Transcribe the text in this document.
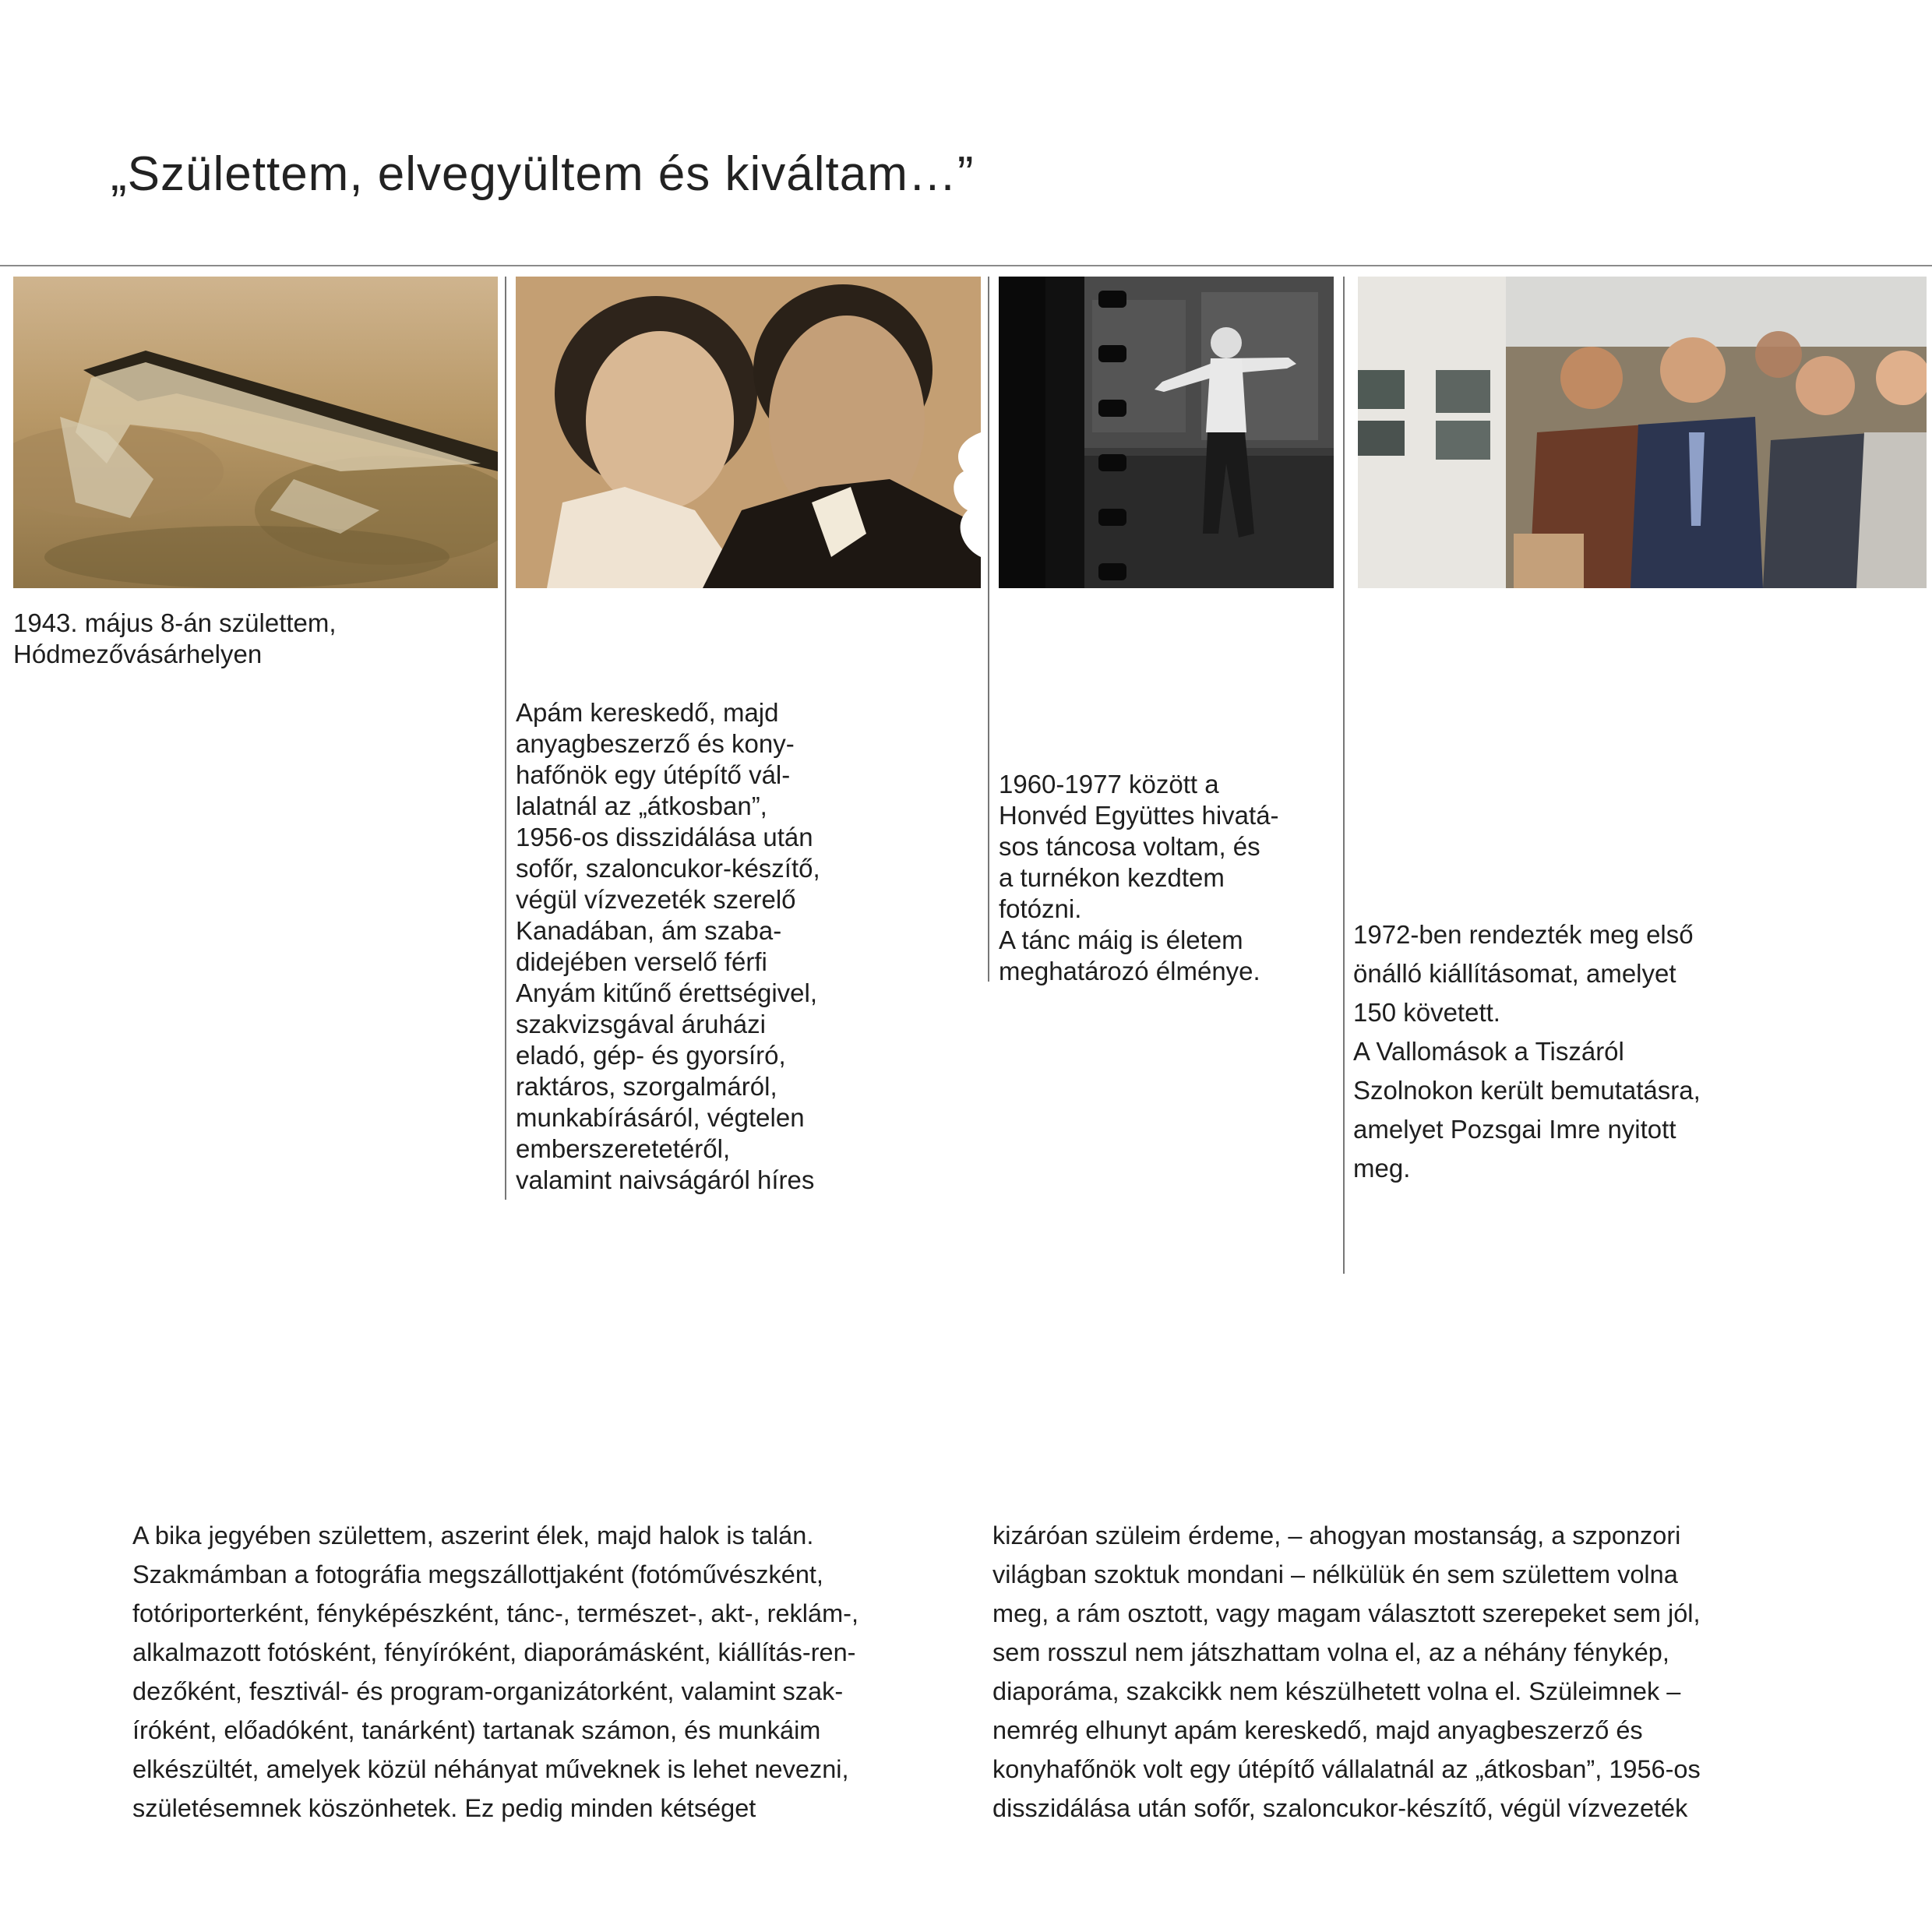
„Születtem, elvegyültem és kiváltam…”
1943. május 8-án születtem,
Hódmezővásárhelyen
Apám kereskedő, majd
anyagbeszerző és kony-
hafőnök egy útépítő vál-
lalatnál az „átkosban”,
1956-os disszidálása után
sofőr, szaloncukor-készítő,
végül vízvezeték szerelő
Kanadában, ám szaba-
didejében verselő férfi
Anyám kitűnő érettségivel,
szakvizsgával áruházi
eladó, gép- és gyorsíró,
raktáros, szorgalmáról,
munkabírásáról, végtelen
emberszeretetéről,
valamint naivságáról híres
1960-1977 között a
Honvéd Együttes hivatá-
sos táncosa voltam, és
a turnékon kezdtem
fotózni.
A tánc máig is életem
meghatározó élménye.
1972-ben rendezték meg első
önálló kiállításomat, amelyet
150 követett.
A Vallomások a Tiszáról
Szolnokon került bemutatásra,
amelyet Pozsgai Imre nyitott
meg.
A bika jegyében születtem, aszerint élek, majd halok is talán.
Szakmámban a fotográfia megszállottjaként (fotóművészként,
fotóriporterként, fényképészként, tánc-, természet-, akt-, reklám-,
alkalmazott fotósként, fényíróként, diaporámásként, kiállítás-ren-
dezőként, fesztivál- és program-organizátorként, valamint szak-
íróként, előadóként, tanárként) tartanak számon, és munkáim
elkészültét, amelyek közül néhányat műveknek is lehet nevezni,
születésemnek köszönhetek. Ez pedig minden kétséget
kizáróan szüleim érdeme, – ahogyan mostanság, a szponzori
világban szoktuk mondani – nélkülük én sem születtem volna
meg, a rám osztott, vagy magam választott szerepeket sem jól,
sem rosszul nem játszhattam volna el, az a néhány fénykép,
diaporáma, szakcikk nem készülhetett volna el. Szüleimnek –
nemrég elhunyt apám kereskedő, majd anyagbeszerző és
konyhafőnök volt egy útépítő vállalatnál az „átkosban”, 1956-os
disszidálása után sofőr, szaloncukor-készítő, végül vízvezeték
